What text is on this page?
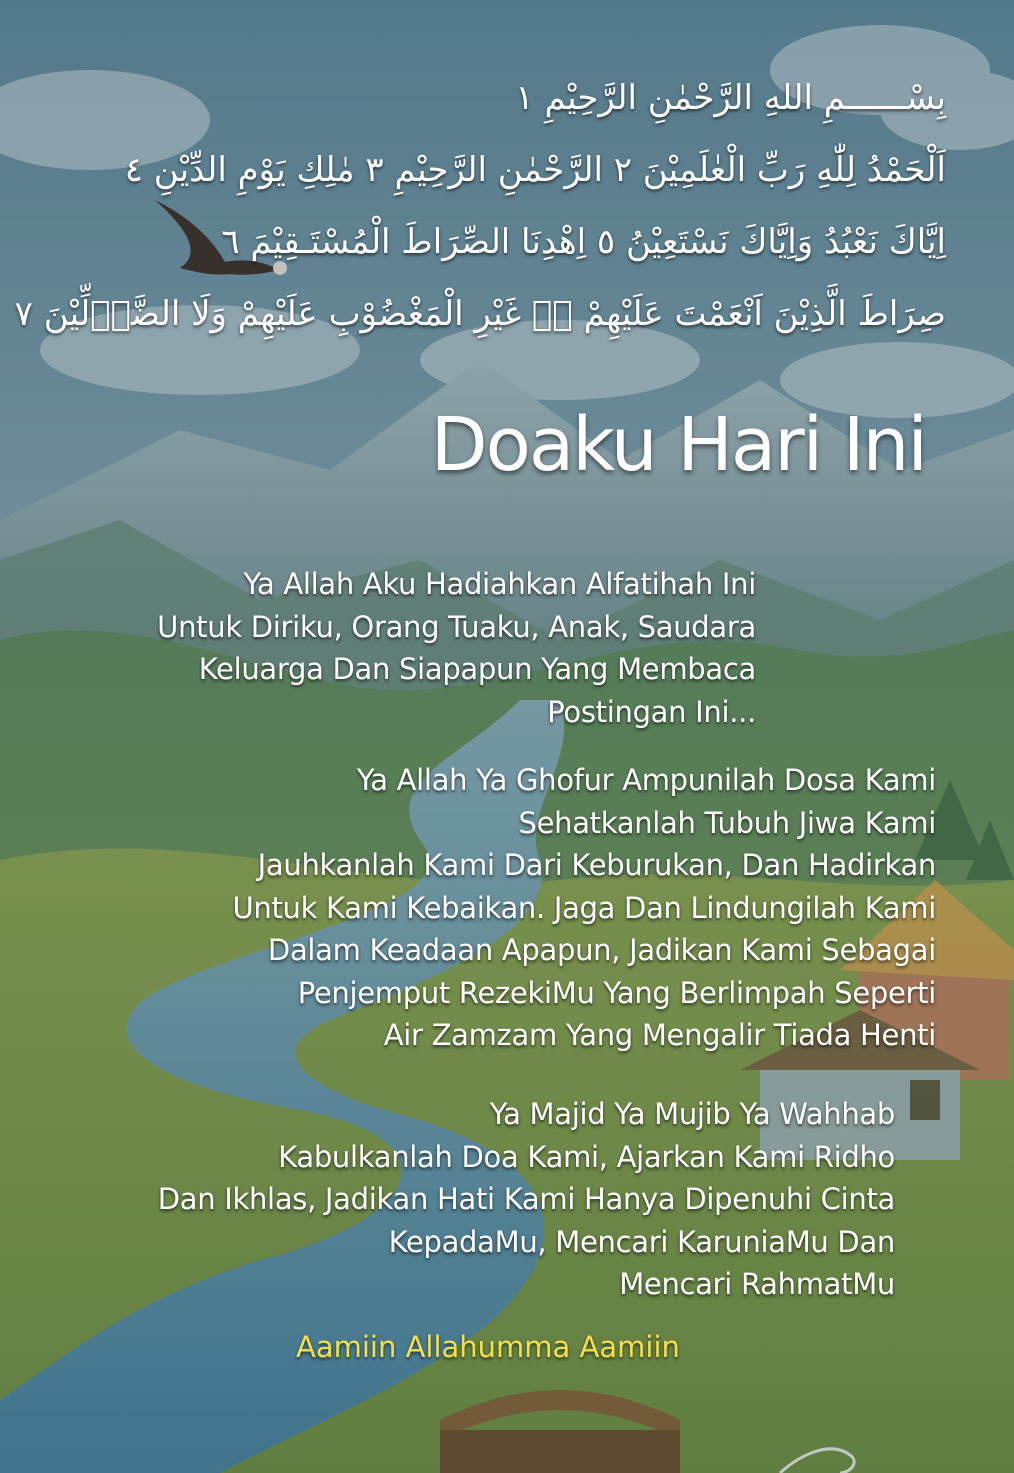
بِسْــــــمِ اللهِ الرَّحْمٰنِ الرَّحِيْمِ ١
اَلْحَمْدُ لِلّٰهِ رَبِّ الْعٰلَمِيْنَ ٢ الرَّحْمٰنِ الرَّحِيْمِ ٣ مٰلِكِ يَوْمِ الدِّيْنِ ٤
اِيَّاكَ نَعْبُدُ وَاِيَّاكَ نَسْتَعِيْنُ ٥ اِهْدِنَا الصِّرَاطَ الْمُسْتَـقِيْمَ ٦
صِرَاطَ الَّذِيْنَ اَنْعَمْتَ عَلَيْهِمْ ەۙ غَيْرِ الْمَغْضُوْبِ عَلَيْهِمْ وَلَا الضَّاۤلِّيْنَ ٧
Doaku Hari Ini
Ya Allah Aku Hadiahkan Alfatihah Ini
Untuk Diriku, Orang Tuaku, Anak, Saudara
Keluarga Dan Siapapun Yang Membaca
Postingan Ini...
Ya Allah Ya Ghofur Ampunilah Dosa Kami
Sehatkanlah Tubuh Jiwa Kami
Jauhkanlah Kami Dari Keburukan, Dan Hadirkan
Untuk Kami Kebaikan. Jaga Dan Lindungilah Kami
Dalam Keadaan Apapun, Jadikan Kami Sebagai
Penjemput RezekiMu Yang Berlimpah Seperti
Air Zamzam Yang Mengalir Tiada Henti
Ya Majid Ya Mujib Ya Wahhab
Kabulkanlah Doa Kami, Ajarkan Kami Ridho
Dan Ikhlas, Jadikan Hati Kami Hanya Dipenuhi Cinta
KepadaMu, Mencari KaruniaMu Dan
Mencari RahmatMu
Aamiin Allahumma Aamiin
